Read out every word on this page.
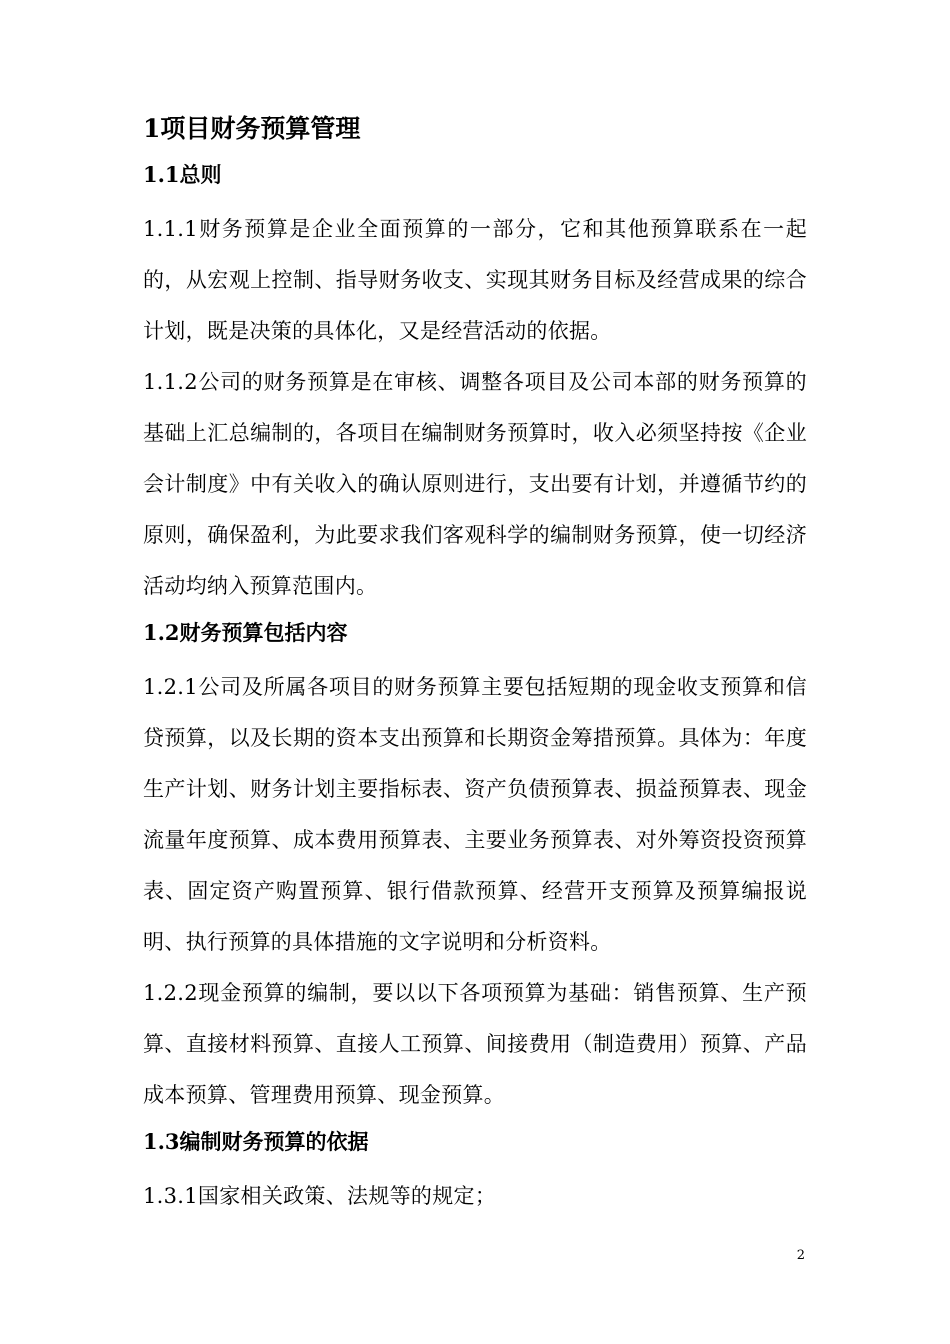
1项目财务预算管理
1.1总则

1.1.1财务预算是企业全面预算的一部分，它和其他预算联系在一起的，从宏观上控制、指导财务收支、实现其财务目标及经营成果的综合计划，既是决策的具体化，又是经营活动的依据。

1.1.2公司的财务预算是在审核、调整各项目及公司本部的财务预算的基础上汇总编制的，各项目在编制财务预算时，收入必须坚持按《企业会计制度》中有关收入的确认原则进行，支出要有计划，并遵循节约的原则，确保盈利，为此要求我们客观科学的编制财务预算，使一切经济活动均纳入预算范围内。

1.2财务预算包括内容

1.2.1公司及所属各项目的财务预算主要包括短期的现金收支预算和信贷预算，以及长期的资本支出预算和长期资金筹措预算。具体为：年度生产计划、财务计划主要指标表、资产负债预算表、损益预算表、现金流量年度预算、成本费用预算表、主要业务预算表、对外筹资投资预算表、固定资产购置预算、银行借款预算、经营开支预算及预算编报说明、执行预算的具体措施的文字说明和分析资料。

1.2.2现金预算的编制，要以以下各项预算为基础：销售预算、生产预算、直接材料预算、直接人工预算、间接费用（制造费用）预算、产品成本预算、管理费用预算、现金预算。

1.3编制财务预算的依据

1.3.1国家相关政策、法规等的规定；

2
